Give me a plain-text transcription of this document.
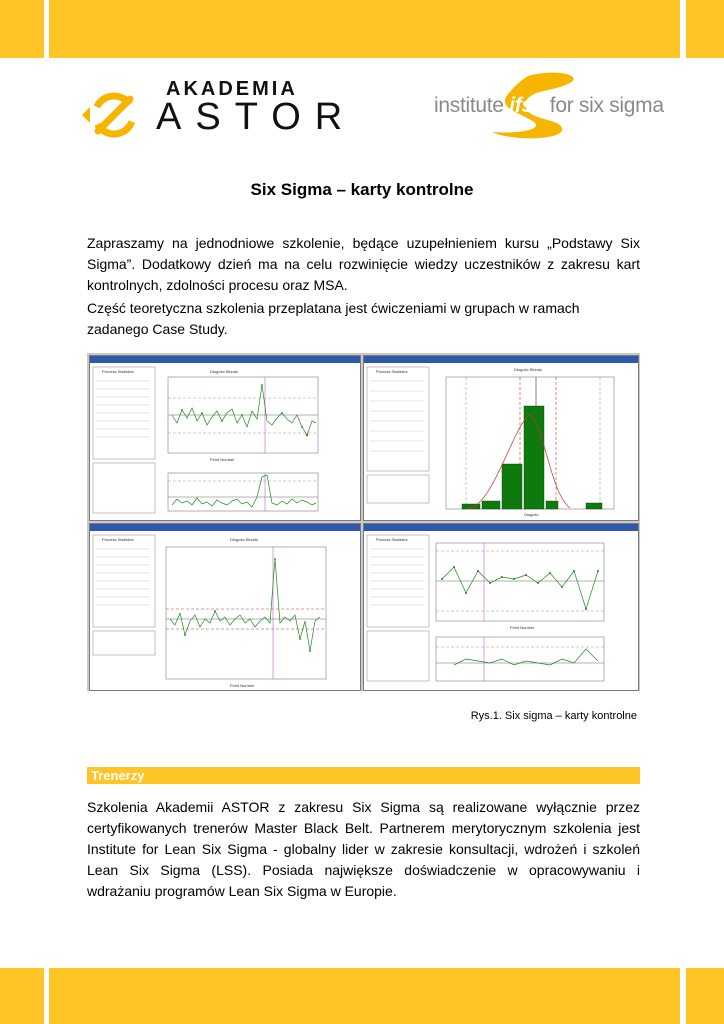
AKADEMIA
ASTOR	institute ifss for six sigma
Six Sigma – karty kontrolne

Zapraszamy na jednodniowe szkolenie, będące uzupełnieniem kursu „Podstawy Six Sigma”. Dodatkowy dzień ma na celu rozwinięcie wiedzy uczestników z zakresu kart kontrolnych, zdolności procesu oraz MSA.

Część teoretyczna szkolenia przeplatana jest ćwiczeniami w grupach w ramach zadanego Case Study.

Process Statistics	Długość:Strzału
Point Number
Process Statistics	Długość:Strzału
Długość
Process Statistics	Długość:Strzału
Point Number
Process Statistics
Point Number
Rys.1. Six sigma – karty kontrolne
Trenerzy

Szkolenia Akademii ASTOR z zakresu Six Sigma są realizowane wyłącznie przez certyfikowanych trenerów Master Black Belt. Partnerem merytorycznym szkolenia jest Institute for Lean Six Sigma - globalny lider w zakresie konsultacji, wdrożeń i szkoleń Lean Six Sigma (LSS). Posiada największe doświadczenie w opracowywaniu i wdrażaniu programów Lean Six Sigma w Europie.
